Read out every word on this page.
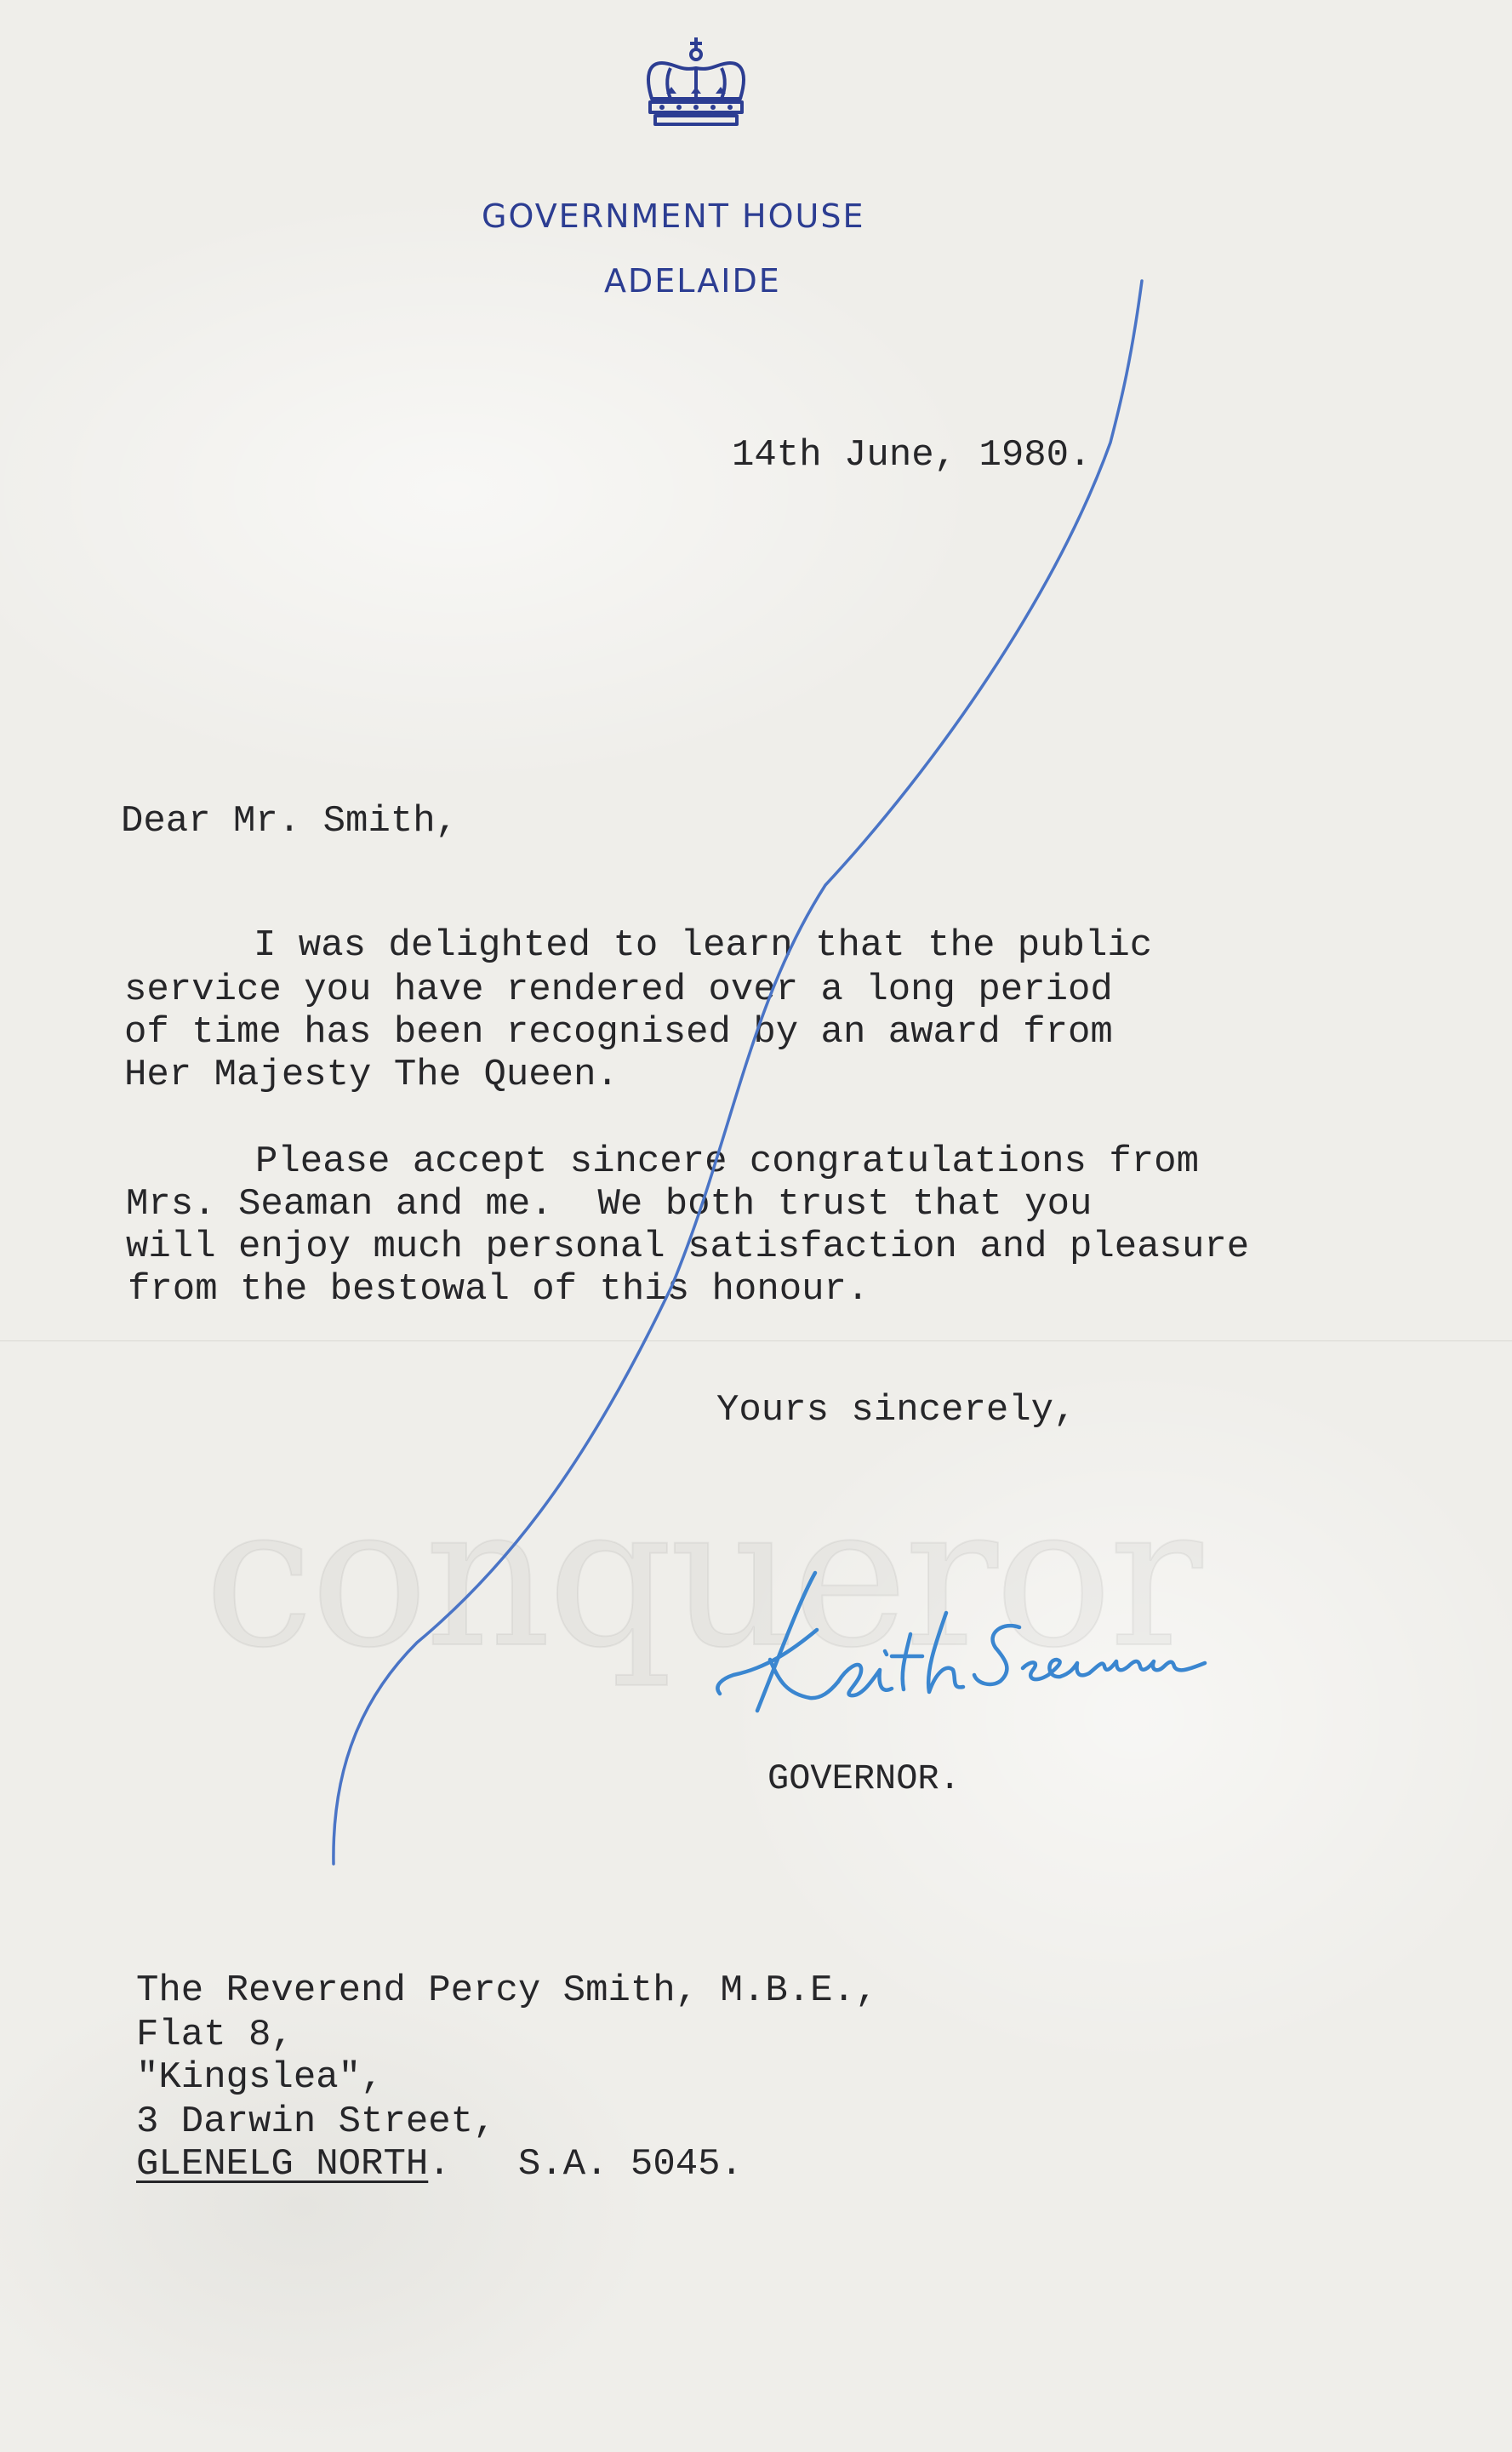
conqueror
GOVERNMENT HOUSE
ADELAIDE
14th June, 1980.
Dear Mr. Smith,
I was delighted to learn that the public
service you have rendered over a long period
of time has been recognised by an award from
Her Majesty The Queen.
Please accept sincere congratulations from
Mrs. Seaman and me.  We both trust that you
will enjoy much personal satisfaction and pleasure
from the bestowal of this honour.
Yours sincerely,
GOVERNOR.
The Reverend Percy Smith, M.B.E.,
Flat 8,
"Kingslea",
3 Darwin Street,
GLENELG NORTH.   S.A. 5045.
